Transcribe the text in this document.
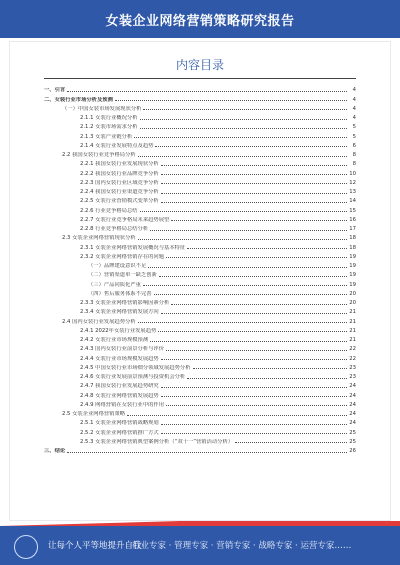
女装企业网络营销策略研究报告
内容目录
一、引言	4
二、女装行业市场分析及预测	4
（一）中国女装市场发展现状分析	4
2.1.1 女装行业概况分析	4
2.1.2 女装市场需求分析	5
2.1.3 女装产业链分析	5
2.1.4 女装行业发展特点及趋势	6
2.2 我国女装行业竞争格局分析	8
2.2.1 我国女装行业发展现状分析	8
2.2.2 我国女装行业品牌竞争分析	10
2.2.3 国内女装行业区域竞争分析	12
2.2.4 我国女装行业渠道竞争分析	13
2.2.5 女装行业营销模式变革分析	14
2.2.6 行业竞争格局总结	15
2.2.7 女装行业竞争格局未来趋势展望	16
2.2.8 行业竞争格局总结分析	17
2.3 女装企业网络营销现状分析	18
2.3.1 女装企业网络营销发展概况与基本特征	18
2.3.2 女装企业网络营销存在的问题	19
（一）品牌建设意识不足	19
（二）营销渠道单一缺乏创新	19
（三）产品同质化严重	19
（四）售后服务体系不完善	20
2.3.3 女装企业网络营销影响因素分析	20
2.3.4 女装企业网络营销发展方向	21
2.4 国内女装行业发展趋势分析	21
2.4.1 2022年女装行业发展趋势	21
2.4.2 女装行业市场规模预测	21
2.4.3 国内女装行业前景分析与评价	22
2.4.4 女装行业市场规模发展趋势	22
2.4.5 中国女装行业市场细分领域发展趋势分析	23
2.4.6 女装行业发展前景预测与投资机会分析	23
2.4.7 我国女装行业发展趋势研究	24
2.4.8 女装行业网络营销发展趋势	24
2.4.9 网络营销在女装行业中的作用	24
2.5 女装企业网络营销策略	24
2.5.1 女装企业网络营销战略规划	24
2.5.2 女装企业网络营销推广方式	25
2.5.3 女装企业网络营销典型案例分析（“双十一”营销活动分析）	25
三、结论	26
让每个人平等地提升自我
行业专家 · 管理专家 · 营销专家 · 战略专家 · 运营专家……
